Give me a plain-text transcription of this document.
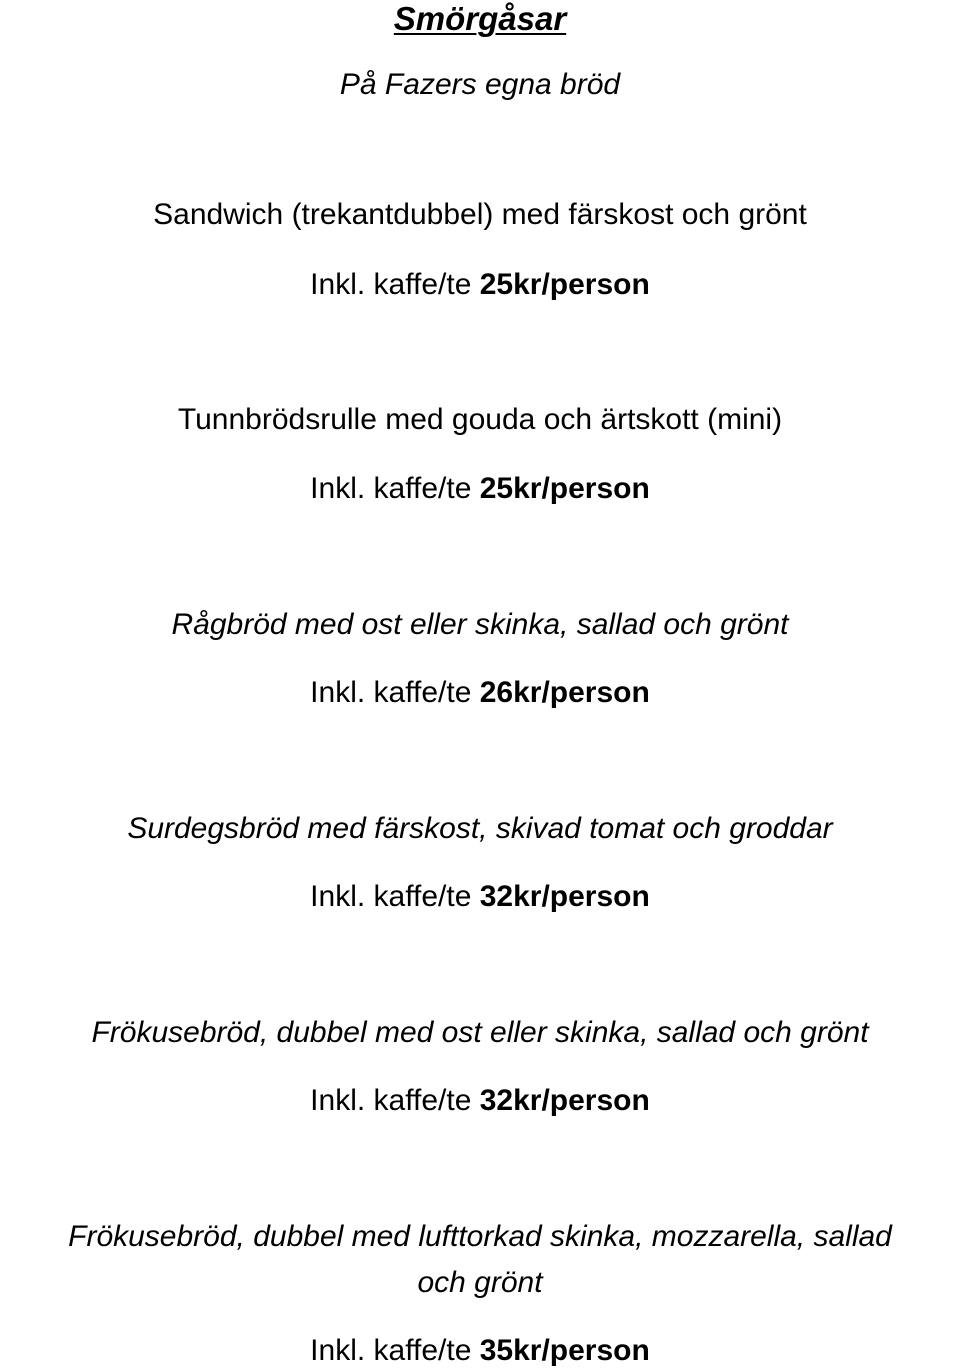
Smörgåsar
På Fazers egna bröd
Sandwich (trekantdubbel) med färskost och grönt
Inkl. kaffe/te 25kr/person
Tunnbrödsrulle med gouda och ärtskott (mini)
Inkl. kaffe/te 25kr/person
Rågbröd med ost eller skinka, sallad och grönt
Inkl. kaffe/te 26kr/person
Surdegsbröd med färskost, skivad tomat och groddar
Inkl. kaffe/te 32kr/person
Frökusebröd, dubbel med ost eller skinka, sallad och grönt
Inkl. kaffe/te 32kr/person
Frökusebröd, dubbel med lufttorkad skinka, mozzarella, sallad
och grönt
Inkl. kaffe/te 35kr/person
